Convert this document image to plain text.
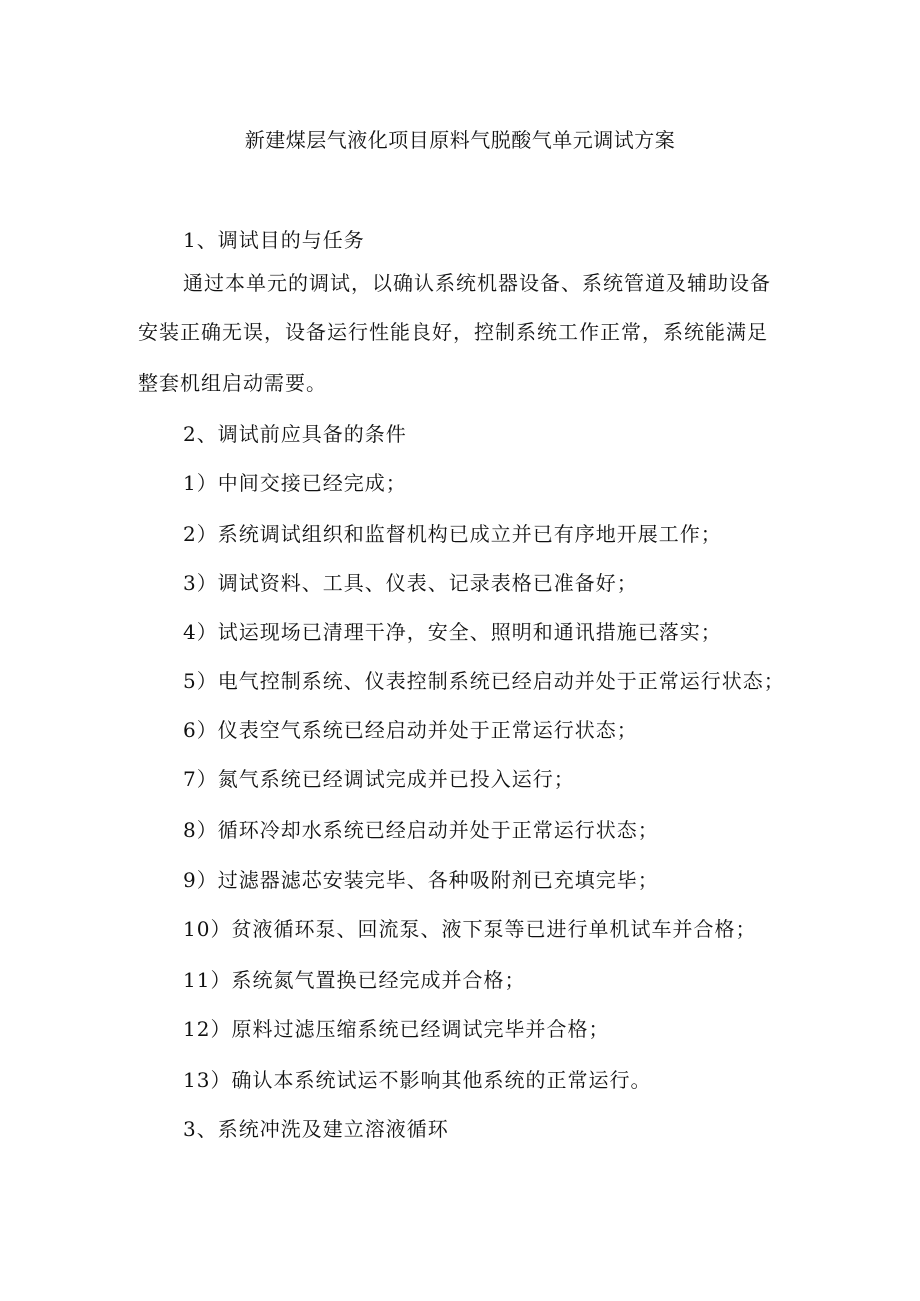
新建煤层气液化项目原料气脱酸气单元调试方案

1、调试目的与任务

通过本单元的调试，以确认系统机器设备、系统管道及辅助设备

安装正确无误，设备运行性能良好，控制系统工作正常，系统能满足

整套机组启动需要。

2、调试前应具备的条件

1）中间交接已经完成；

2）系统调试组织和监督机构已成立并已有序地开展工作；

3）调试资料、工具、仪表、记录表格已准备好；

4）试运现场已清理干净，安全、照明和通讯措施已落实；

5）电气控制系统、仪表控制系统已经启动并处于正常运行状态；

6）仪表空气系统已经启动并处于正常运行状态；

7）氮气系统已经调试完成并已投入运行；

8）循环冷却水系统已经启动并处于正常运行状态；

9）过滤器滤芯安装完毕、各种吸附剂已充填完毕；

10）贫液循环泵、回流泵、液下泵等已进行单机试车并合格；

11）系统氮气置换已经完成并合格；

12）原料过滤压缩系统已经调试完毕并合格；

13）确认本系统试运不影响其他系统的正常运行。

3、系统冲洗及建立溶液循环
